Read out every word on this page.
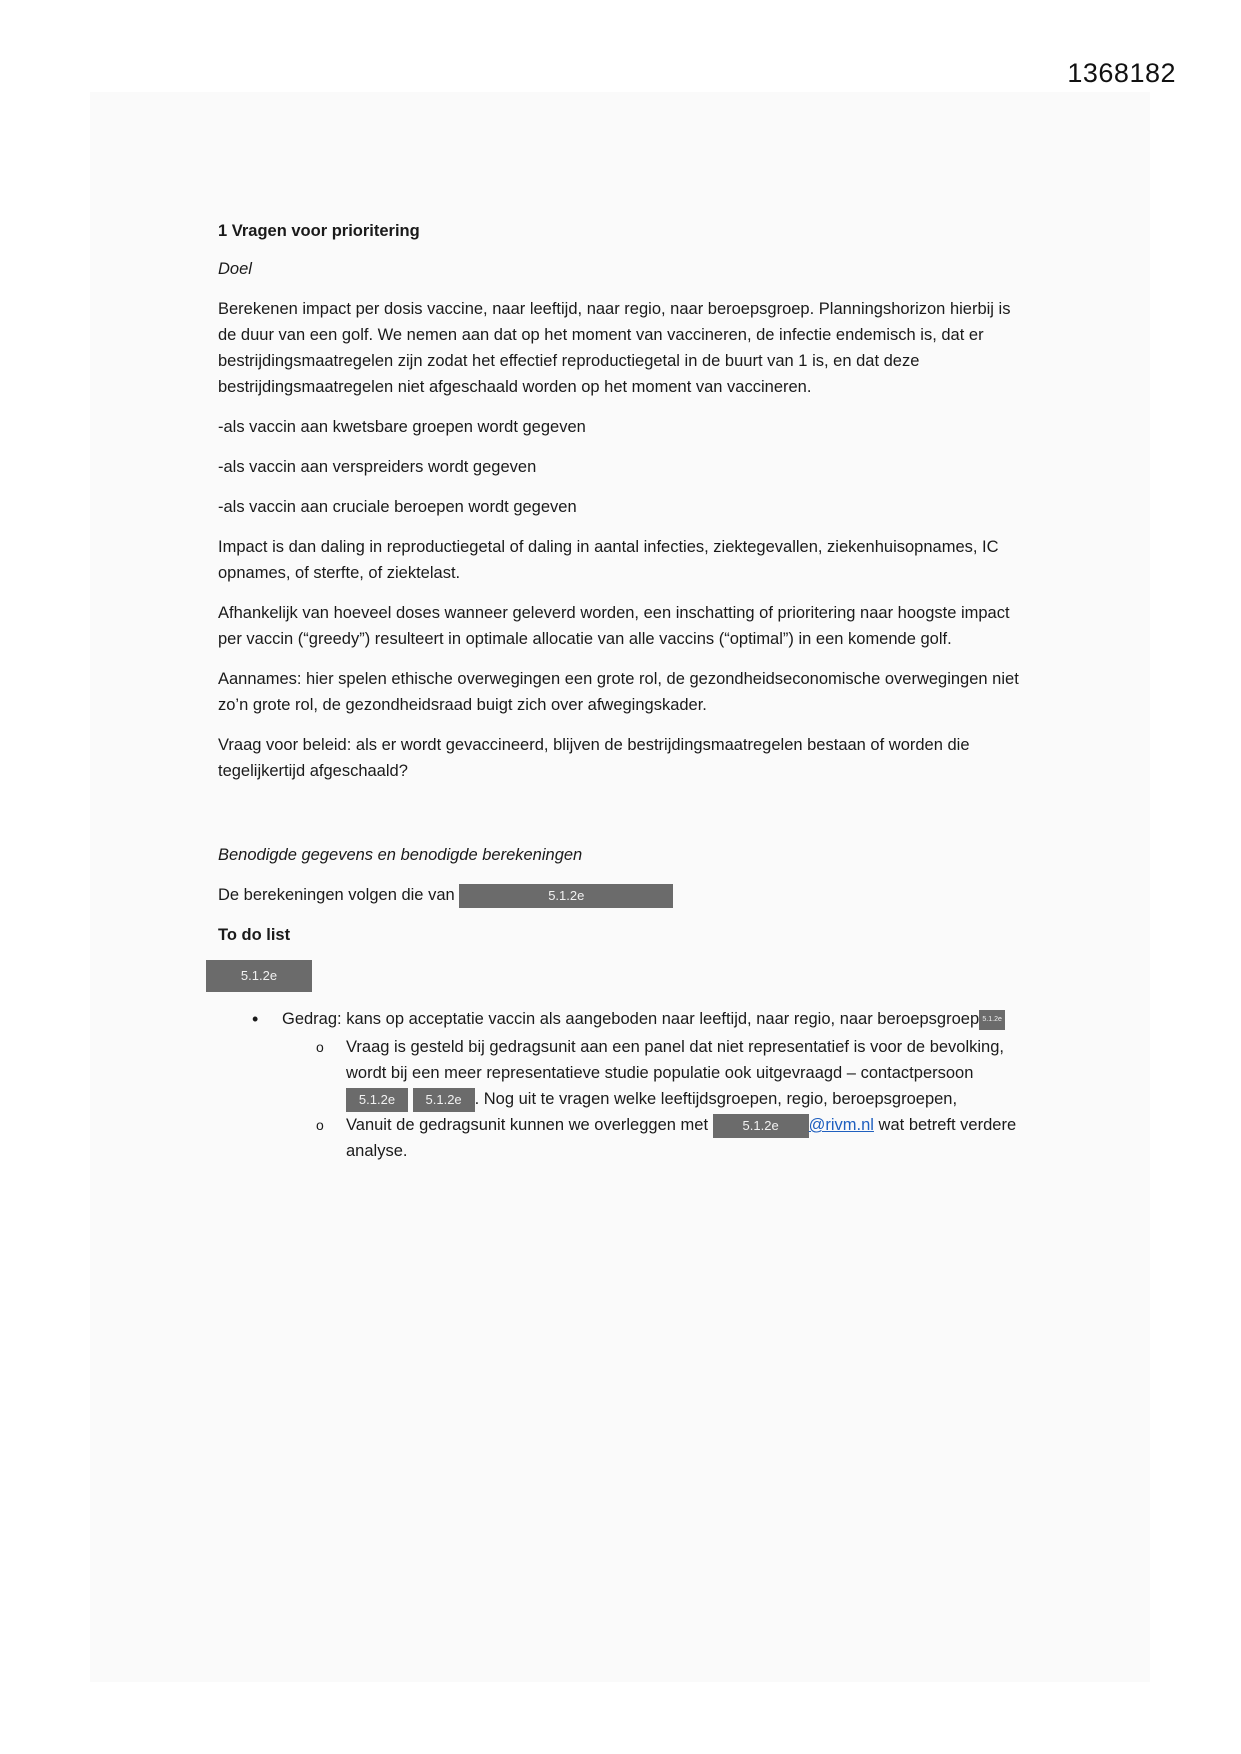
1368182

1 Vragen voor prioritering

Doel

Berekenen impact per dosis vaccine, naar leeftijd, naar regio, naar beroepsgroep. Planningshorizon hierbij is de duur van een golf. We nemen aan dat op het moment van vaccineren, de infectie endemisch is, dat er bestrijdingsmaatregelen zijn zodat het effectief reproductiegetal in de buurt van 1 is, en dat deze bestrijdingsmaatregelen niet afgeschaald worden op het moment van vaccineren.

-als vaccin aan kwetsbare groepen wordt gegeven

-als vaccin aan verspreiders wordt gegeven

-als vaccin aan cruciale beroepen wordt gegeven

Impact is dan daling in reproductiegetal of daling in aantal infecties, ziektegevallen, ziekenhuisopnames, IC opnames, of sterfte, of ziektelast.

Afhankelijk van hoeveel doses wanneer geleverd worden, een inschatting of prioritering naar hoogste impact per vaccin (“greedy”) resulteert in optimale allocatie van alle vaccins (“optimal”) in een komende golf.

Aannames: hier spelen ethische overwegingen een grote rol, de gezondheidseconomische overwegingen niet zo’n grote rol, de gezondheidsraad buigt zich over afwegingskader.

Vraag voor beleid: als er wordt gevaccineerd, blijven de bestrijdingsmaatregelen bestaan of worden die tegelijkertijd afgeschaald?

Benodigde gegevens en benodigde berekeningen

De berekeningen volgen die van	5.1.2e

To do list

5.1.2e
• Gedrag: kans op acceptatie vaccin als aangeboden naar leeftijd, naar regio, naar beroepsgroep 5.1.2e
o Vraag is gesteld bij gedragsunit aan een panel dat niet representatief is voor de bevolking, wordt bij een meer representatieve studie populatie ook uitgevraagd – contactpersoon 5.1.2e 5.1.2e . Nog uit te vragen welke leeftijdsgroepen, regio, beroepsgroepen,
o Vanuit de gedragsunit kunnen we overleggen met	5.1.2e @rivm.nl wat betreft verdere analyse.
